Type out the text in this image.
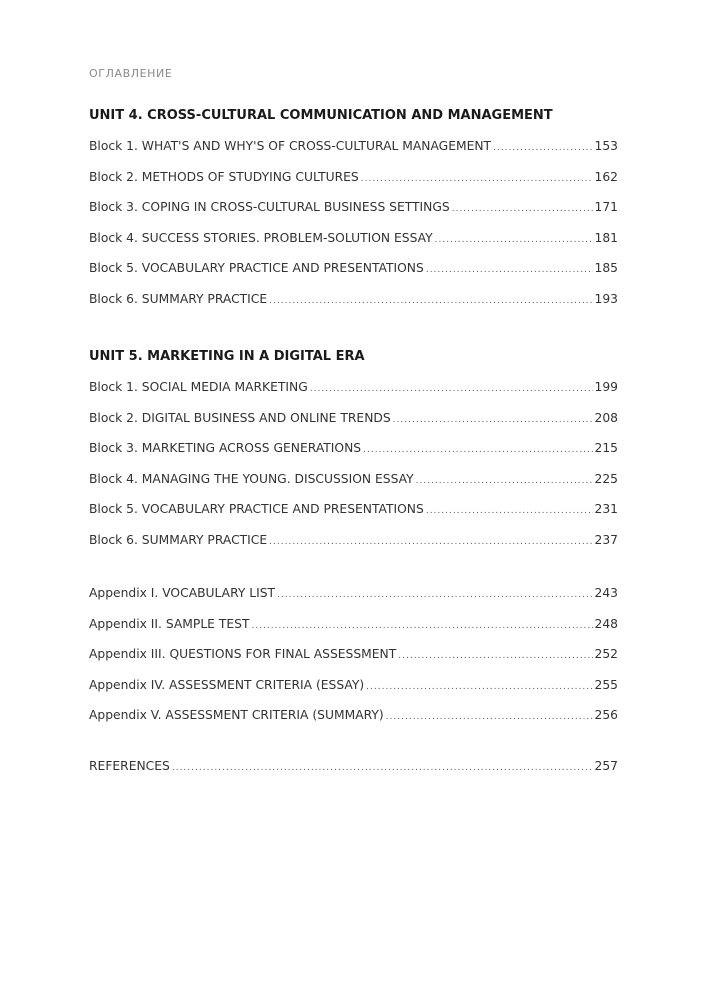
ОГЛАВЛЕНИЕ
UNIT 4. CROSS-CULTURAL COMMUNICATION AND MANAGEMENT
Block 1. WHAT'S AND WHY'S OF CROSS-CULTURAL MANAGEMENT .....	153
Block 2. METHODS OF STUDYING CULTURES .....	162
Block 3. COPING IN CROSS-CULTURAL BUSINESS SETTINGS .....	171
Block 4. SUCCESS STORIES. PROBLEM-SOLUTION ESSAY .....	181
Block 5. VOCABULARY PRACTICE AND PRESENTATIONS .....	185
Block 6. SUMMARY PRACTICE .....	193
UNIT 5. MARKETING IN A DIGITAL ERA
Block 1. SOCIAL MEDIA MARKETING .....	199
Block 2. DIGITAL BUSINESS AND ONLINE TRENDS .....	208
Block 3. MARKETING ACROSS GENERATIONS .....	215
Block 4. MANAGING THE YOUNG. DISCUSSION ESSAY .....	225
Block 5. VOCABULARY PRACTICE AND PRESENTATIONS .....	231
Block 6. SUMMARY PRACTICE .....	237
Appendix I. VOCABULARY LIST .....	243
Appendix II. SAMPLE TEST .....	248
Appendix III. QUESTIONS FOR FINAL ASSESSMENT .....	252
Appendix IV. ASSESSMENT CRITERIA (ESSAY) .....	255
Appendix V. ASSESSMENT CRITERIA (SUMMARY) .....	256
REFERENCES .....	257
